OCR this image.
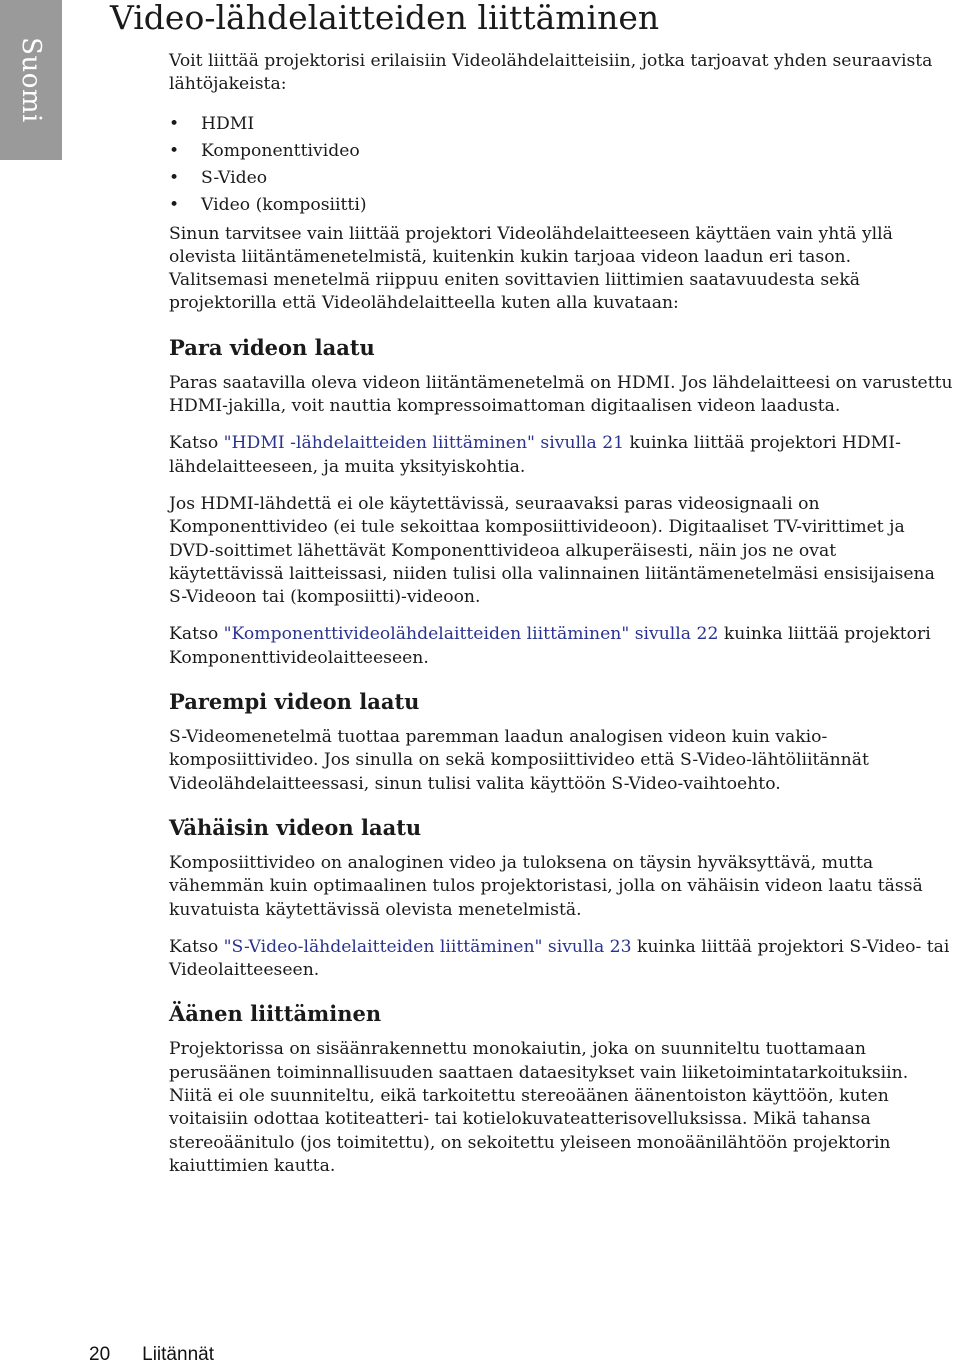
Suomi
Video-lähdelaitteiden liittäminen

Voit liittää projektorisi erilaisiin Videolähdelaitteisiin, jotka tarjoavat yhden seuraavista lähtöjakeista:

• HDMI
• Komponenttivideo
• S-Video
• Video (komposiitti)

Sinun tarvitsee vain liittää projektori Videolähdelaitteeseen käyttäen vain yhtä yllä olevista liitäntämenetelmistä, kuitenkin kukin tarjoaa videon laadun eri tason. Valitsemasi menetelmä riippuu eniten sovittavien liittimien saatavuudesta sekä projektorilla että Videolähdelaitteella kuten alla kuvataan:

Para videon laatu

Paras saatavilla oleva videon liitäntämenetelmä on HDMI. Jos lähdelaitteesi on varustettu HDMI-jakilla, voit nauttia kompressoimattoman digitaalisen videon laadusta.

Katso "HDMI -lähdelaitteiden liittäminen" sivulla 21 kuinka liittää projektori HDMI-lähdelaitteeseen, ja muita yksityiskohtia.

Jos HDMI-lähdettä ei ole käytettävissä, seuraavaksi paras videosignaali on Komponenttivideo (ei tule sekoittaa komposiittivideoon). Digitaaliset TV-virittimet ja DVD-soittimet lähettävät Komponenttivideoa alkuperäisesti, näin jos ne ovat käytettävissä laitteissasi, niiden tulisi olla valinnainen liitäntämenetelmäsi ensisijaisena S-Videoon tai (komposiitti)-videoon.

Katso "Komponenttivideolähdelaitteiden liittäminen" sivulla 22 kuinka liittää projektori Komponenttivideolaitteeseen.

Parempi videon laatu

S-Videomenetelmä tuottaa paremman laadun analogisen videon kuin vakio-komposiittivideo. Jos sinulla on sekä komposiittivideo että S-Video-lähtöliitännät Videolähdelaitteessasi, sinun tulisi valita käyttöön S-Video-vaihtoehto.

Vähäisin videon laatu

Komposiittivideo on analoginen video ja tuloksena on täysin hyväksyttävä, mutta vähemmän kuin optimaalinen tulos projektoristasi, jolla on vähäisin videon laatu tässä kuvatuista käytettävissä olevista menetelmistä.

Katso "S-Video-lähdelaitteiden liittäminen" sivulla 23 kuinka liittää projektori S-Video- tai Videolaitteeseen.

Äänen liittäminen

Projektorissa on sisäänrakennettu monokaiutin, joka on suunniteltu tuottamaan perusäänen toiminnallisuuden saattaen dataesitykset vain liiketoimintatarkoituksiin. Niitä ei ole suunniteltu, eikä tarkoitettu stereoäänen äänentoiston käyttöön, kuten voitaisiin odottaa kotiteatteri- tai kotielokuvateatterisovelluksissa. Mikä tahansa stereoäänitulo (jos toimitettu), on sekoitettu yleiseen monoäänilähtöön projektorin kaiuttimien kautta.

20 Liitännät
